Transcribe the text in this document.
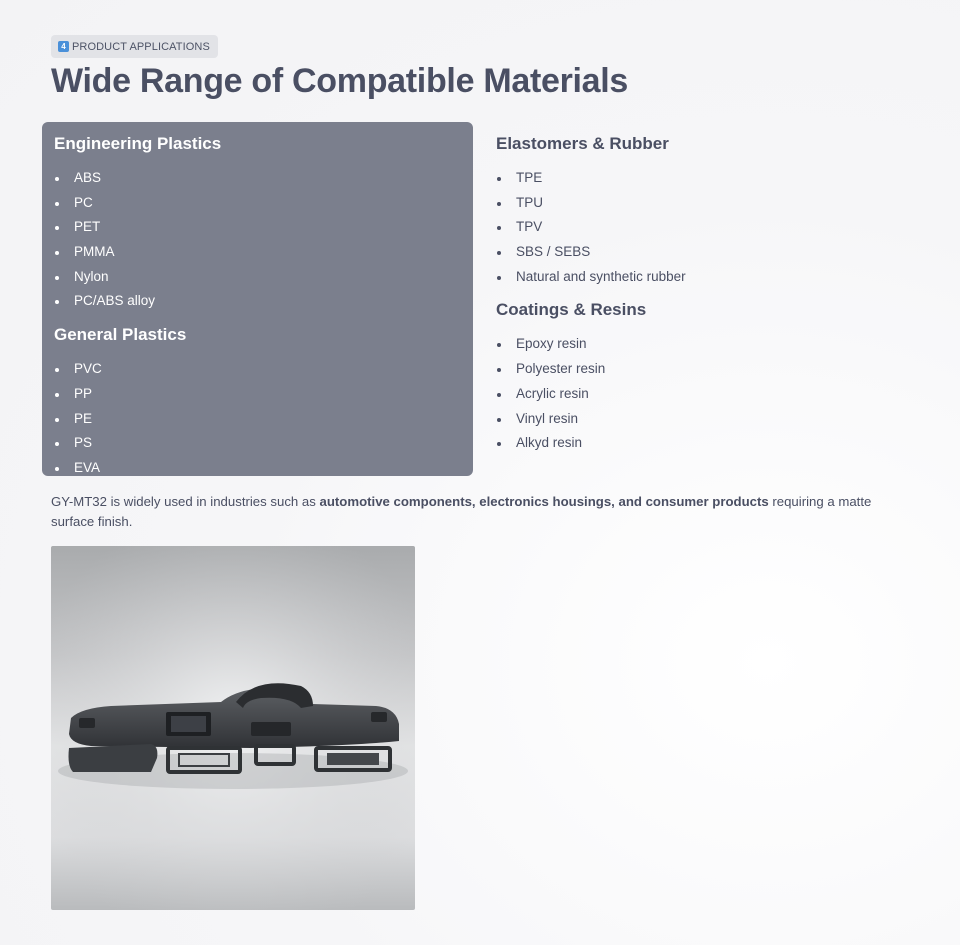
4 PRODUCT APPLICATIONS
Wide Range of Compatible Materials
Engineering Plastics
ABS
PC
PET
PMMA
Nylon
PC/ABS alloy
General Plastics
PVC
PP
PE
PS
EVA
Elastomers & Rubber
TPE
TPU
TPV
SBS / SEBS
Natural and synthetic rubber
Coatings & Resins
Epoxy resin
Polyester resin
Acrylic resin
Vinyl resin
Alkyd resin

GY-MT32 is widely used in industries such as automotive components, electronics housings, and consumer products requiring a matte surface finish.
